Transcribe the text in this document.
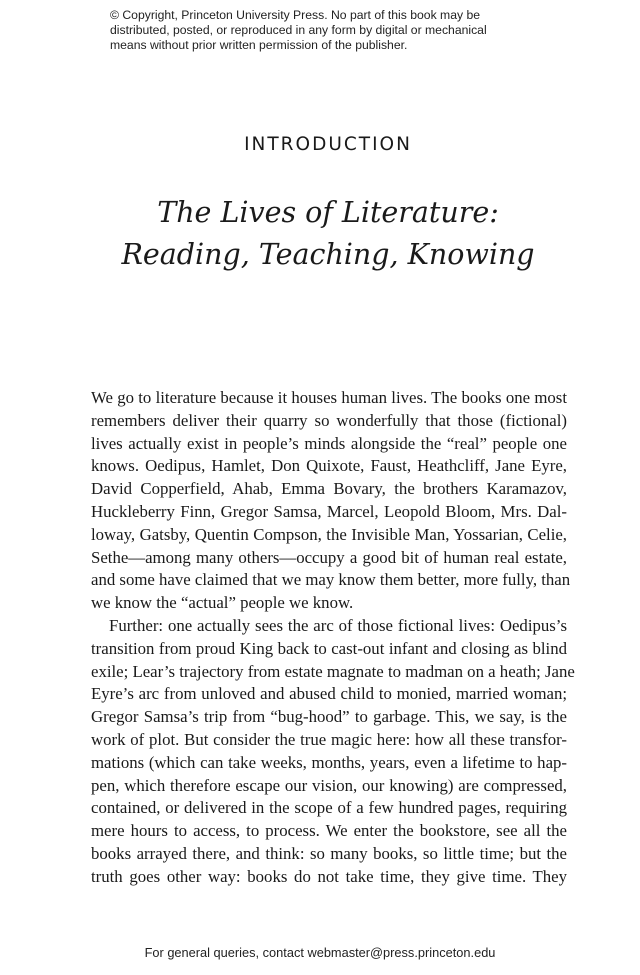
© Copyright, Princeton University Press. No part of this book may be
distributed, posted, or reproduced in any form by digital or mechanical
means without prior written permission of the publisher.
INTRODUCTION
The Lives of Literature:
Reading, Teaching, Knowing
We go to literature because it houses human lives. The books one most
remembers deliver their quarry so wonderfully that those (fictional)
lives actually exist in people’s minds alongside the “real” people one
knows. Oedipus, Hamlet, Don Quixote, Faust, Heathcliff, Jane Eyre,
David Copperfield, Ahab, Emma Bovary, the brothers Karamazov,
Huckleberry Finn, Gregor Samsa, Marcel, Leopold Bloom, Mrs. Dal-
loway, Gatsby, Quentin Compson, the Invisible Man, Yossarian, Celie,
Sethe—among many others—occupy a good bit of human real estate,
and some have claimed that we may know them better, more fully, than
we know the “actual” people we know.
Further: one actually sees the arc of those fictional lives: Oedipus’s
transition from proud King back to cast-out infant and closing as blind
exile; Lear’s trajectory from estate magnate to madman on a heath; Jane
Eyre’s arc from unloved and abused child to monied, married woman;
Gregor Samsa’s trip from “bug-hood” to garbage. This, we say, is the
work of plot. But consider the true magic here: how all these transfor-
mations (which can take weeks, months, years, even a lifetime to hap-
pen, which therefore escape our vision, our knowing) are compressed,
contained, or delivered in the scope of a few hundred pages, requiring
mere hours to access, to process. We enter the bookstore, see all the
books arrayed there, and think: so many books, so little time; but the
truth goes other way: books do not take time, they give time. They
For general queries, contact webmaster@press.princeton.edu
